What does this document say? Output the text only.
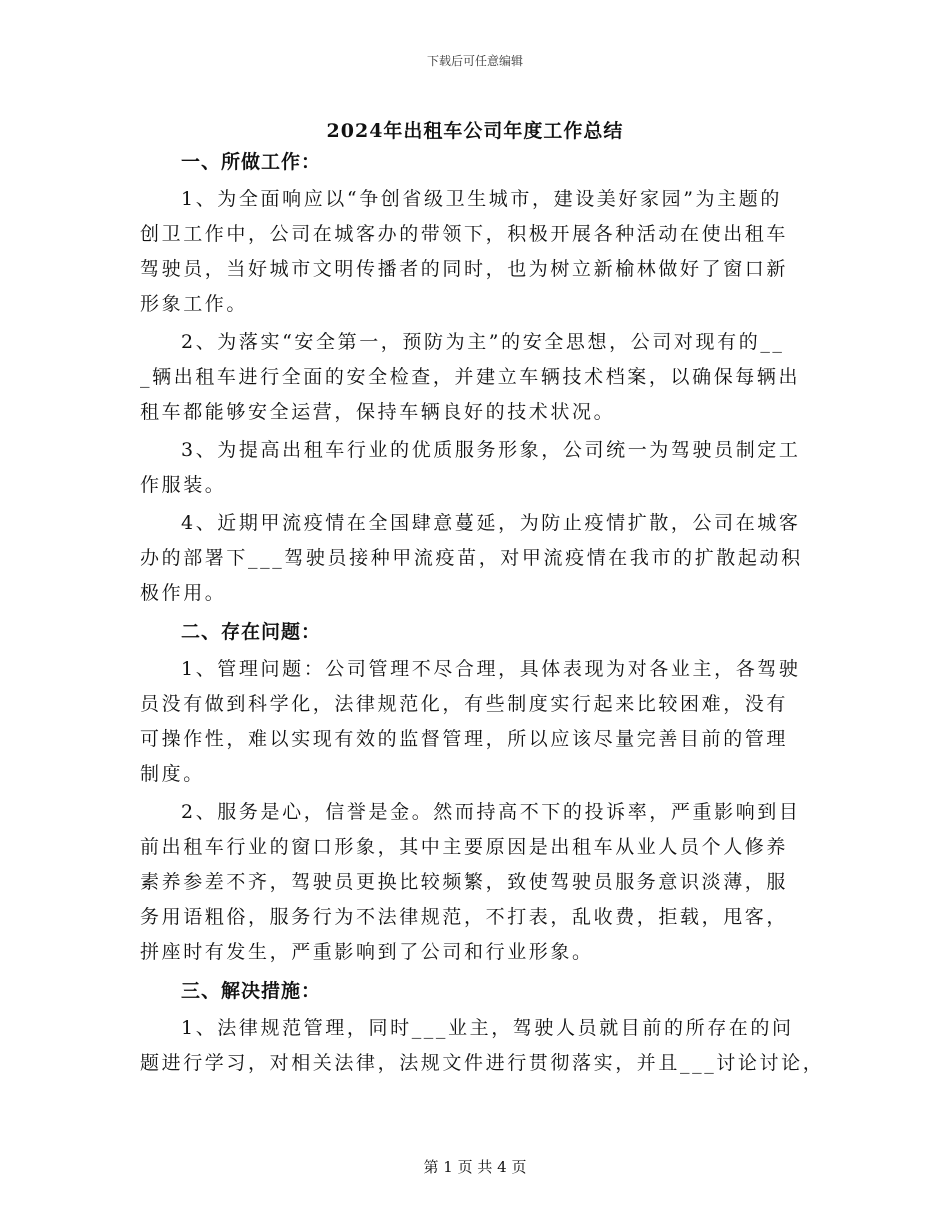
下载后可任意编辑
2024年出租车公司年度工作总结
一、所做工作：
1、为全面响应以“争创省级卫生城市，建设美好家园”为主题的
创卫工作中，公司在城客办的带领下，积极开展各种活动在使出租车
驾驶员，当好城市文明传播者的同时，也为树立新榆林做好了窗口新
形象工作。
2、为落实“安全第一，预防为主”的安全思想，公司对现有的__
_辆出租车进行全面的安全检查，并建立车辆技术档案，以确保每辆出
租车都能够安全运营，保持车辆良好的技术状况。
3、为提高出租车行业的优质服务形象，公司统一为驾驶员制定工
作服装。
4、近期甲流疫情在全国肆意蔓延，为防止疫情扩散，公司在城客
办的部署下___驾驶员接种甲流疫苗，对甲流疫情在我市的扩散起动积
极作用。
二、存在问题：
1、管理问题：公司管理不尽合理，具体表现为对各业主，各驾驶
员没有做到科学化，法律规范化，有些制度实行起来比较困难，没有
可操作性，难以实现有效的监督管理，所以应该尽量完善目前的管理
制度。
2、服务是心，信誉是金。然而持高不下的投诉率，严重影响到目
前出租车行业的窗口形象，其中主要原因是出租车从业人员个人修养
素养参差不齐，驾驶员更换比较频繁，致使驾驶员服务意识淡薄，服
务用语粗俗，服务行为不法律规范，不打表，乱收费，拒载，甩客，
拼座时有发生，严重影响到了公司和行业形象。
三、解决措施：
1、法律规范管理，同时___业主，驾驶人员就目前的所存在的问
题进行学习，对相关法律，法规文件进行贯彻落实，并且___讨论讨论，
第 1 页 共 4 页
